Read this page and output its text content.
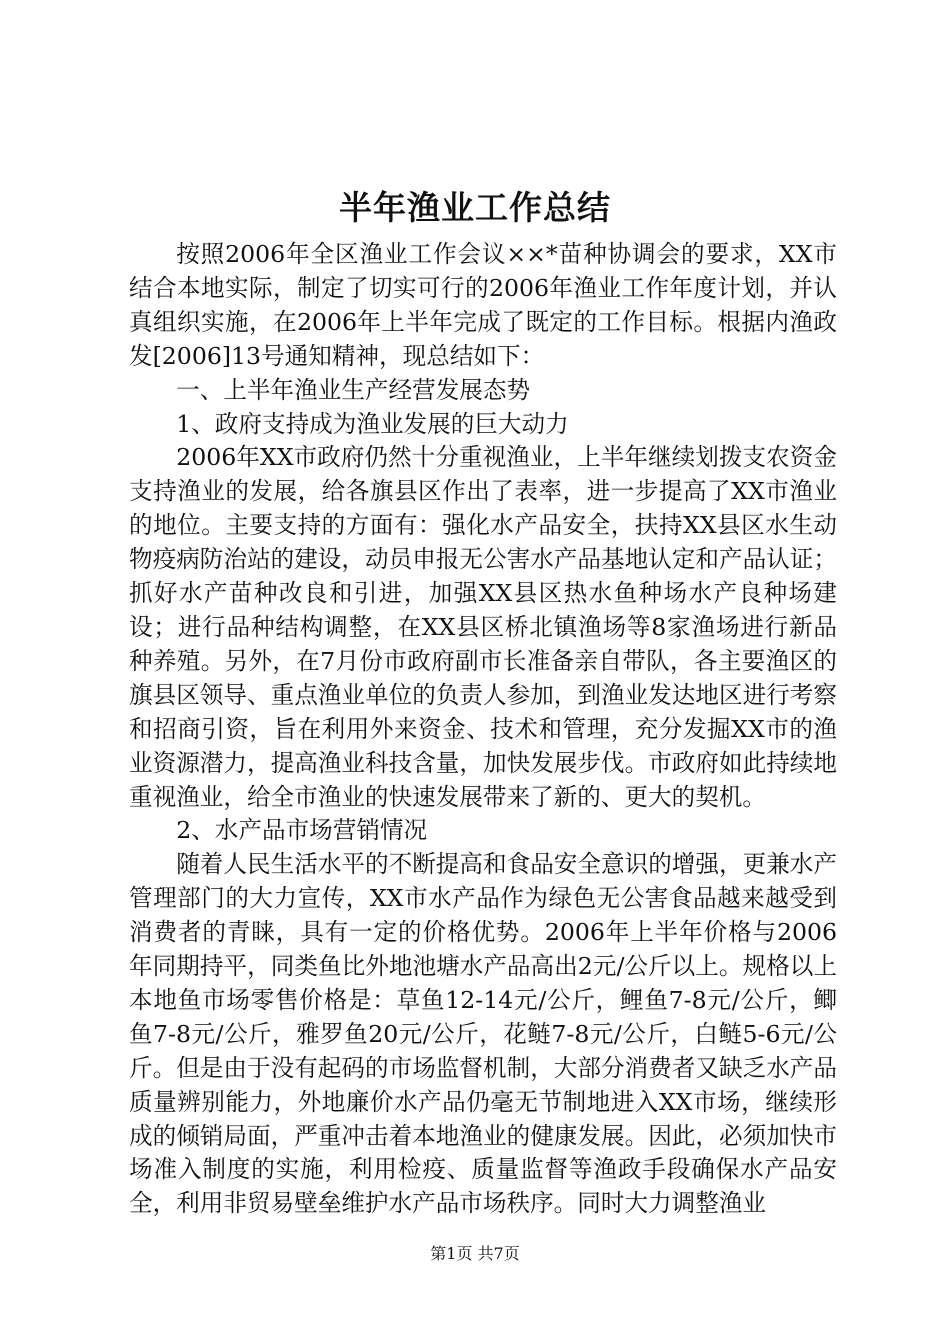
半年渔业工作总结

按照2006年全区渔业工作会议××*苗种协调会的要求，XX市结合本地实际，制定了切实可行的2006年渔业工作年度计划，并认真组织实施，在2006年上半年完成了既定的工作目标。根据内渔政发[2006]13号通知精神，现总结如下：

一、上半年渔业生产经营发展态势

1、政府支持成为渔业发展的巨大动力

2006年XX市政府仍然十分重视渔业，上半年继续划拨支农资金支持渔业的发展，给各旗县区作出了表率，进一步提高了XX市渔业的地位。主要支持的方面有：强化水产品安全，扶持XX县区水生动物疫病防治站的建设，动员申报无公害水产品基地认定和产品认证；抓好水产苗种改良和引进，加强XX县区热水鱼种场水产良种场建设；进行品种结构调整，在XX县区桥北镇渔场等8家渔场进行新品种养殖。另外，在7月份市政府副市长准备亲自带队，各主要渔区的旗县区领导、重点渔业单位的负责人参加，到渔业发达地区进行考察和招商引资，旨在利用外来资金、技术和管理，充分发掘XX市的渔业资源潜力，提高渔业科技含量，加快发展步伐。市政府如此持续地重视渔业，给全市渔业的快速发展带来了新的、更大的契机。

2、水产品市场营销情况

随着人民生活水平的不断提高和食品安全意识的增强，更兼水产管理部门的大力宣传，XX市水产品作为绿色无公害食品越来越受到消费者的青睐，具有一定的价格优势。2006年上半年价格与2006年同期持平，同类鱼比外地池塘水产品高出2元/公斤以上。规格以上本地鱼市场零售价格是：草鱼12-14元/公斤，鲤鱼7-8元/公斤，鲫鱼7-8元/公斤，雅罗鱼20元/公斤，花鲢7-8元/公斤，白鲢5-6元/公斤。但是由于没有起码的市场监督机制，大部分消费者又缺乏水产品质量辨别能力，外地廉价水产品仍毫无节制地进入XX市场，继续形成的倾销局面，严重冲击着本地渔业的健康发展。因此，必须加快市场准入制度的实施，利用检疫、质量监督等渔政手段确保水产品安全，利用非贸易壁垒维护水产品市场秩序。同时大力调整渔业

第1页 共7页
